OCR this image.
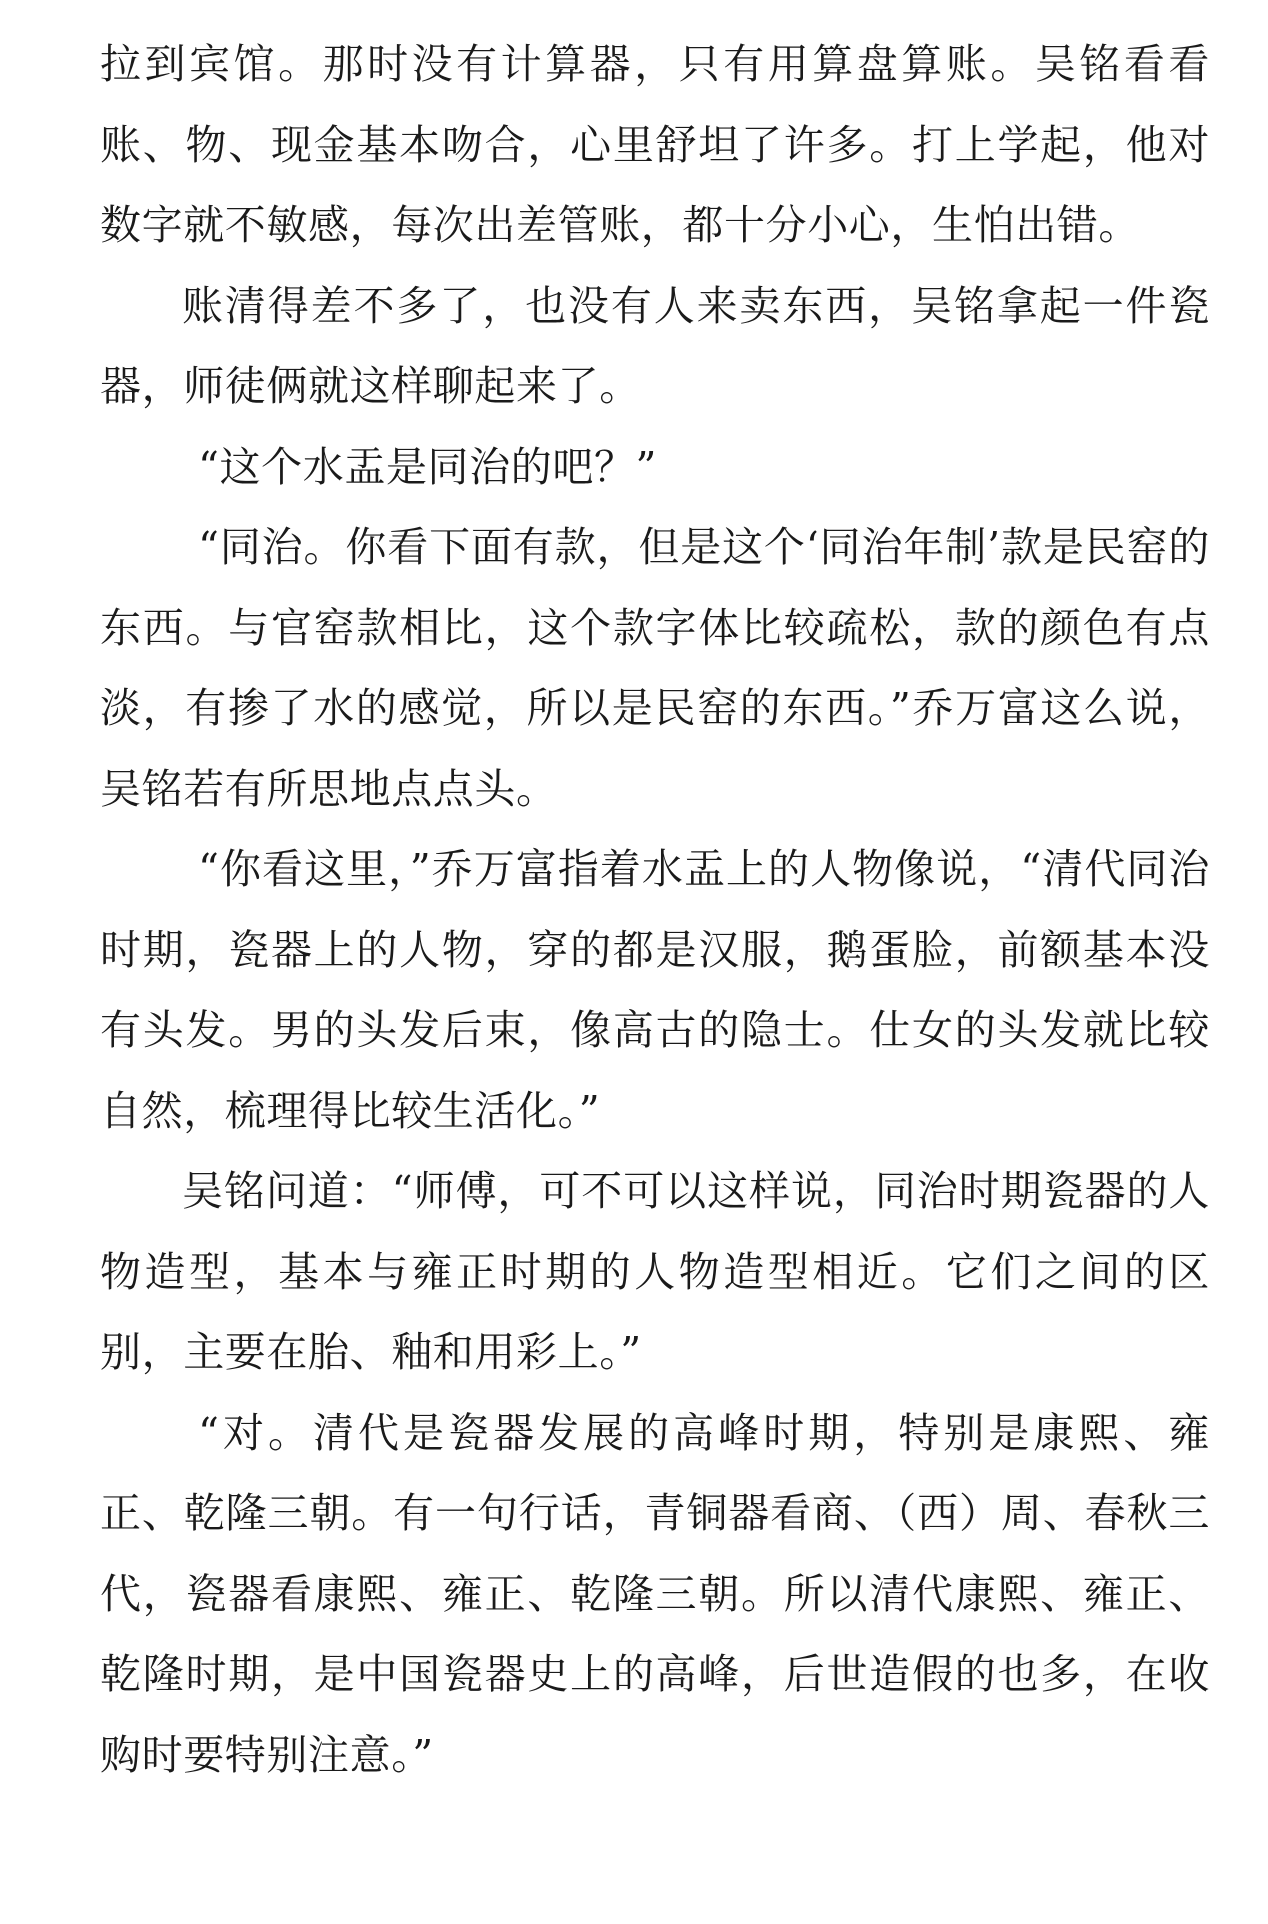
拉到宾馆。那时没有计算器，只有用算盘算账。吴铭看看账、物、现金基本吻合，心里舒坦了许多。打上学起，他对数字就不敏感，每次出差管账，都十分小心，生怕出错。

账清得差不多了，也没有人来卖东西，吴铭拿起一件瓷器，师徒俩就这样聊起来了。

“这个水盂是同治的吧？”

“同治。你看下面有款，但是这个‘同治年制’款是民窑的东西。与官窑款相比，这个款字体比较疏松，款的颜色有点淡，有掺了水的感觉，所以是民窑的东西。”乔万富这么说，吴铭若有所思地点点头。

“你看这里，”乔万富指着水盂上的人物像说，“清代同治时期，瓷器上的人物，穿的都是汉服，鹅蛋脸，前额基本没有头发。男的头发后束，像高古的隐士。仕女的头发就比较自然，梳理得比较生活化。”

吴铭问道：“师傅，可不可以这样说，同治时期瓷器的人物造型，基本与雍正时期的人物造型相近。它们之间的区别，主要在胎、釉和用彩上。”

“对。清代是瓷器发展的高峰时期，特别是康熙、雍正、乾隆三朝。有一句行话，青铜器看商、（西）周、春秋三代，瓷器看康熙、雍正、乾隆三朝。所以清代康熙、雍正、乾隆时期，是中国瓷器史上的高峰，后世造假的也多，在收购时要特别注意。”
